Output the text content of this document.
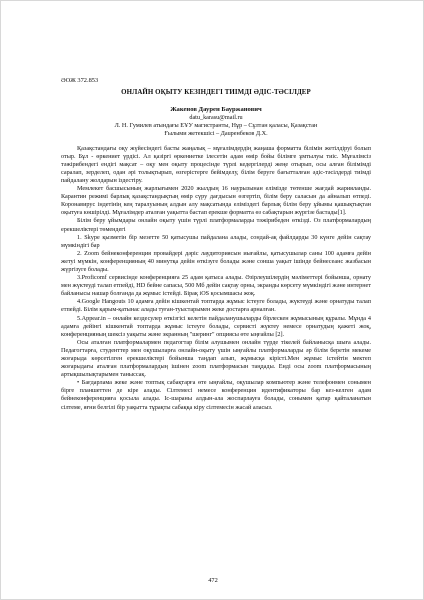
ӘОЖ 372.853
ОНЛАЙН ОҚЫТУ КЕЗІНДЕГІ ТИІМДІ ӘДІС-ТӘСІЛДЕР
Жакенов Даурен Бауржанович
datu_karasu@mail.ru
Л. Н. Гумилев атындағы ЕҰУ магистранты, Нұр – Сұлтан қаласы, Қазақстан
Ғылыми жетекшісі – Даuренбеков Д.Х.

Қазақстандағы оқу жүйесіндегі басты жаңалық – мұғалімдердің жаңаша форматта білімін жетілдіруі болып отыр. Бұл - өркениет үрдісі. Ал қазіргі өркениетке ілесетін адам өмір бойы білімге ұмтылуы тиіс. Мұғалімсіз тәжірибендегі ендігі мақсат – оқу мен оқыту процесінде түрлі кедергілерді жеңе отырып, осы алған білімімді саралап, зерделеп, одан әрі толықтырып, өзгерістерге бейімделу, білім беруге бағытталған әдіс-тәсілдерді тиімді пайдалану жолдарын іздестіру.

Мемлекет басшысының жарлығымен 2020 жылдың 16 наурызынан елімізде төтенше жағдай жарияланды. Карантин режимі барлық қазақстандықтың өмір сүру дағдысын өзгертіп, білім беру саласын да айналып өтпеді. Коронавирус індетінің кең таралуының алдын алу мақсатында еліміздегі барлық білім беру ұйымы қашықтықтан оқытуға көшірілді. Мұғалімдер аталған уақытта бастап ерекше форматта өз сабақтарын жүргізе бастады[1].

Білім беру ұйымдары онлайн оқыту үшін түрлі платформаларды тәжірибеден өткізді. Оз платформалардың ерекшеліктері төмендегі

1. Skype қызметін бір мезетте 50 қатысушы пайдалана алады, сондай-ақ файлдарды 30 күнге дейін сақтау мүмкіндігі бар

2. Zoom бейнеконференция провайдері дәріс лаудиториясын иығайлы, қатысушылар саны 100 адамға дейін жетуі мүмкін, конференцияның 40 минутқа дейін өткізуге болады және сонша уақыт ішінде бейнесеанс жазбасын жүргізуге болады.

3.Proficomf сервисінде конференцияға 25 адам қатыса алады. Әзірлеушілердің мәліметтері бойынша, орнату мен жүктеуді талап етпейді, HD бейне сапасы, 500 Мб дейін сақтау орны, экранды көрсету мүмкіндігі және интернет байланысы нашар болғанда да жұмыс істейді. Бірақ iOS қосымшасы жоқ.

4.Google Hangouts 10 адамға дейін кішкентай топтарда жұмыс істеуге болады, жүктеуді және орнатуды талап етпейді. Білім қарым-қатынас алады туған-туыстарымен жеке достарға арналған.

5.Appear.in – онлайн кездесулер өткізгісі келетін пайдаланушыларды бірлескен жұмысының құралы. Мұнда 4 адамға дейінгі кішкентай топтарда жұмыс істеуге болады, сервисті жүктеу немесе орнатудың қажеті жоқ, конференцияның шексіз уақыты және экранның "шеринг" опциясы өте ыңғайлы [2].

Осы аталған платформалармен педагогтар білім алушымен онлайн түрде тікелей байланысқа шыға алады. Педагогтарға, студенттер мен оқушыларға онлайн-оқыту үшін ыңғайлы платформаларды әр білім беретін мекеме жоғарыда көрсетілген ерекшеліктері бойынша таңдап алып, жұмысқа кірісті.Мен жұмыс істейтін мектеп жоғарыдағы аталған платформалардың ішінен zoom платформасын таңдады. Енді осы zoom платформасының артықшылықтарымен таныссақ.

• Бағдарлама жеке және топтық сабақтарға өте ыңғайлы, оқушылар компьютер және телефонмен сонымен бірге планшеттен де кіре алады. Сілтемесі немесе конференция идентификаторы бар кез-келген адам бейнеконференцияға қосыла алады. Іс-шараны алдын-ала жоспарлауға болады, сонымен қатар қайталанатын сілтеме, яғни белгілі бір уақытта тұрақты сабаққа кіру сілтемесін жасай аласыз.

472
